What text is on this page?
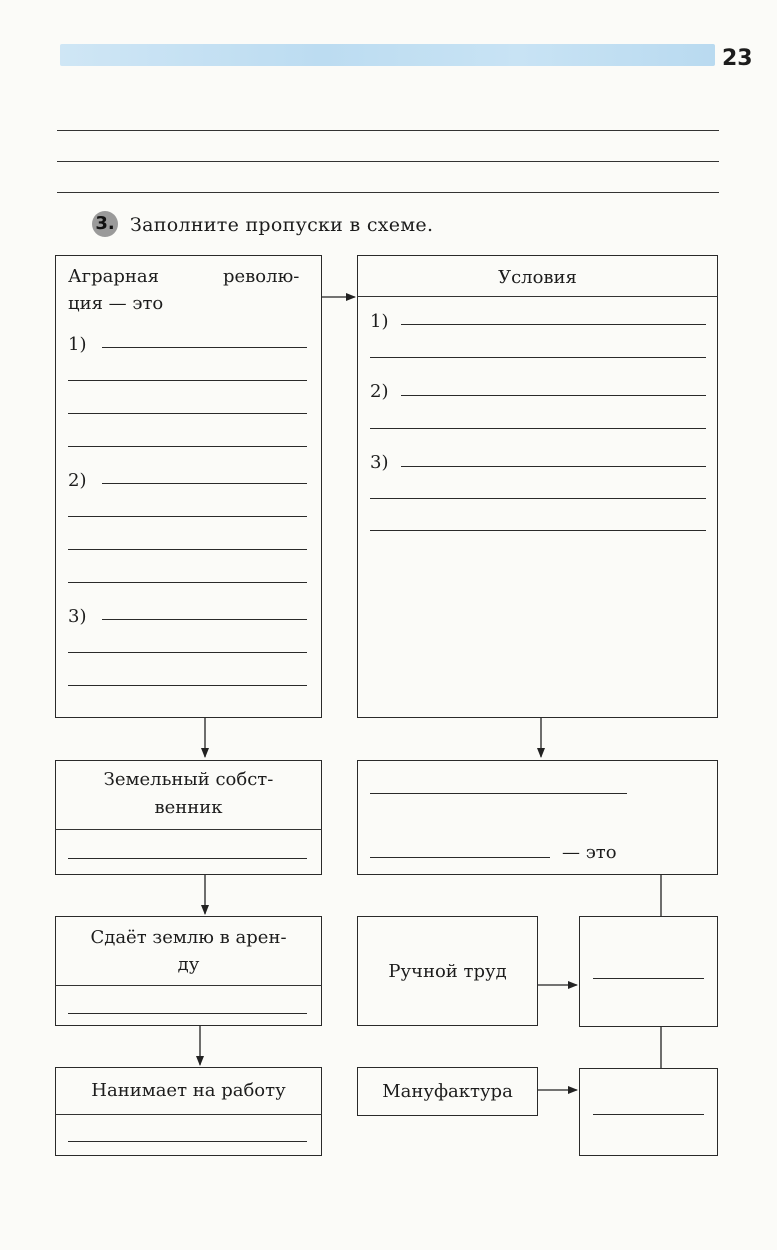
23
3. Заполните пропуски в схеме.
Аграрная	револю-
ция — это
1)
2)
3)
Условия
1)
2)
3)
Земельный собст-
венник
— это
Сдаёт землю в арен-
ду	Ручной труд
Нанимает на работу	Мануфактура
